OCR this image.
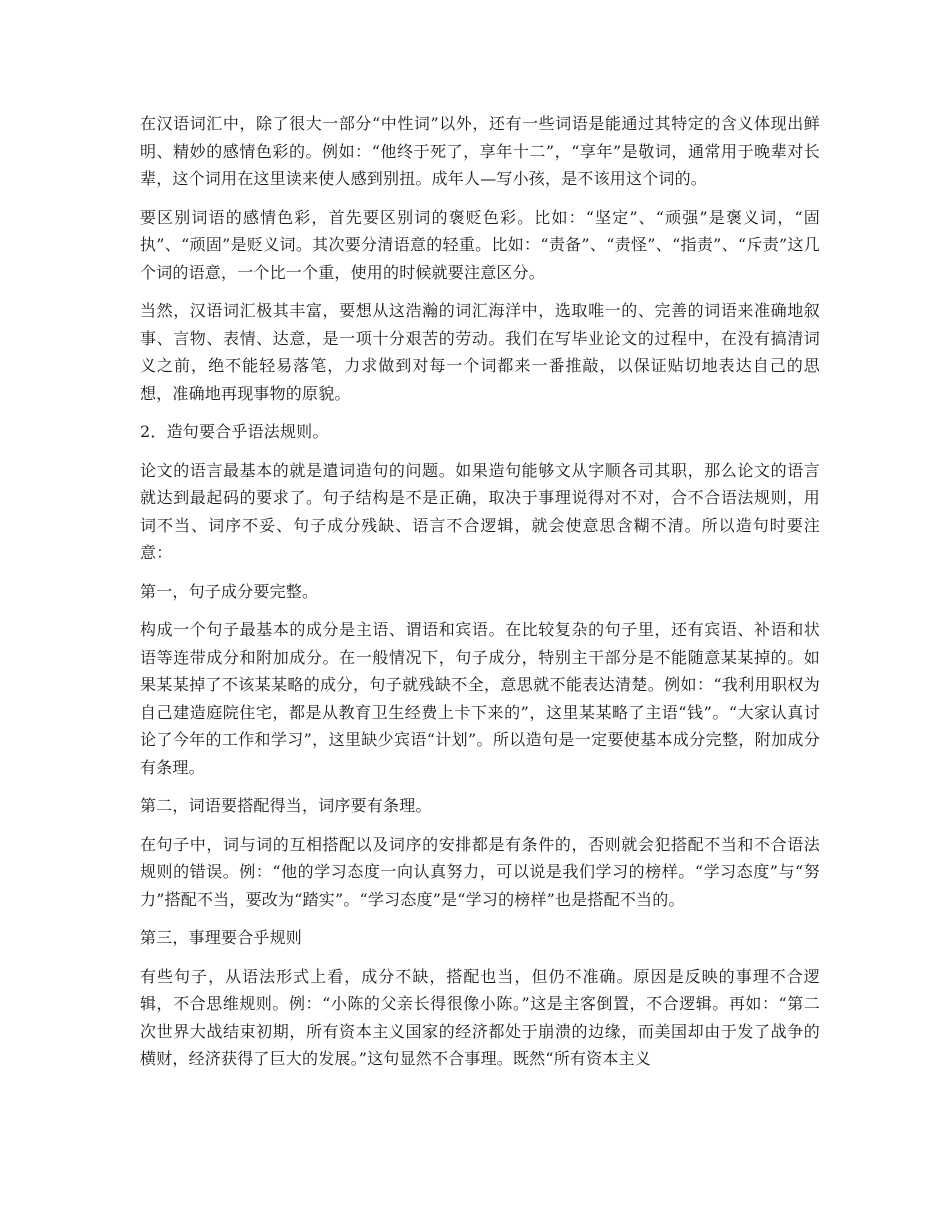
在汉语词汇中，除了很大一部分“中性词”以外，还有一些词语是能通过其特定的含义体现出鲜明、精妙的感情色彩的。例如：“他终于死了，享年十二”，“享年”是敬词，通常用于晚辈对长辈，这个词用在这里读来使人感到别扭。成年人—写小孩，是不该用这个词的。

要区别词语的感情色彩，首先要区别词的褒贬色彩。比如：“坚定”、“顽强”是褒义词，“固执”、“顽固”是贬义词。其次要分清语意的轻重。比如：“责备”、“责怪”、“指责”、“斥责”这几个词的语意，一个比一个重，使用的时候就要注意区分。

当然，汉语词汇极其丰富，要想从这浩瀚的词汇海洋中，选取唯一的、完善的词语来准确地叙事、言物、表情、达意，是一项十分艰苦的劳动。我们在写毕业论文的过程中，在没有搞清词义之前，绝不能轻易落笔，力求做到对每一个词都来一番推敲，以保证贴切地表达自己的思想，准确地再现事物的原貌。

2．造句要合乎语法规则。

论文的语言最基本的就是遣词造句的问题。如果造句能够文从字顺各司其职，那么论文的语言就达到最起码的要求了。句子结构是不是正确，取决于事理说得对不对，合不合语法规则，用词不当、词序不妥、句子成分残缺、语言不合逻辑，就会使意思含糊不清。所以造句时要注意：

第一，句子成分要完整。

构成一个句子最基本的成分是主语、谓语和宾语。在比较复杂的句子里，还有宾语、补语和状语等连带成分和附加成分。在一般情况下，句子成分，特别主干部分是不能随意某某掉的。如果某某掉了不该某某略的成分，句子就残缺不全，意思就不能表达清楚。例如：“我利用职权为自己建造庭院住宅，都是从教育卫生经费上卡下来的”，这里某某略了主语“钱”。“大家认真讨论了今年的工作和学习”，这里缺少宾语“计划”。所以造句是一定要使基本成分完整，附加成分有条理。

第二，词语要搭配得当，词序要有条理。

在句子中，词与词的互相搭配以及词序的安排都是有条件的，否则就会犯搭配不当和不合语法规则的错误。例：“他的学习态度一向认真努力，可以说是我们学习的榜样。“学习态度”与“努力”搭配不当，要改为“踏实”。“学习态度”是“学习的榜样”也是搭配不当的。

第三，事理要合乎规则

有些句子，从语法形式上看，成分不缺，搭配也当，但仍不准确。原因是反映的事理不合逻辑，不合思维规则。例：“小陈的父亲长得很像小陈。”这是主客倒置，不合逻辑。再如：“第二次世界大战结束初期，所有资本主义国家的经济都处于崩溃的边缘，而美国却由于发了战争的横财，经济获得了巨大的发展。”这句显然不合事理。既然“所有资本主义
